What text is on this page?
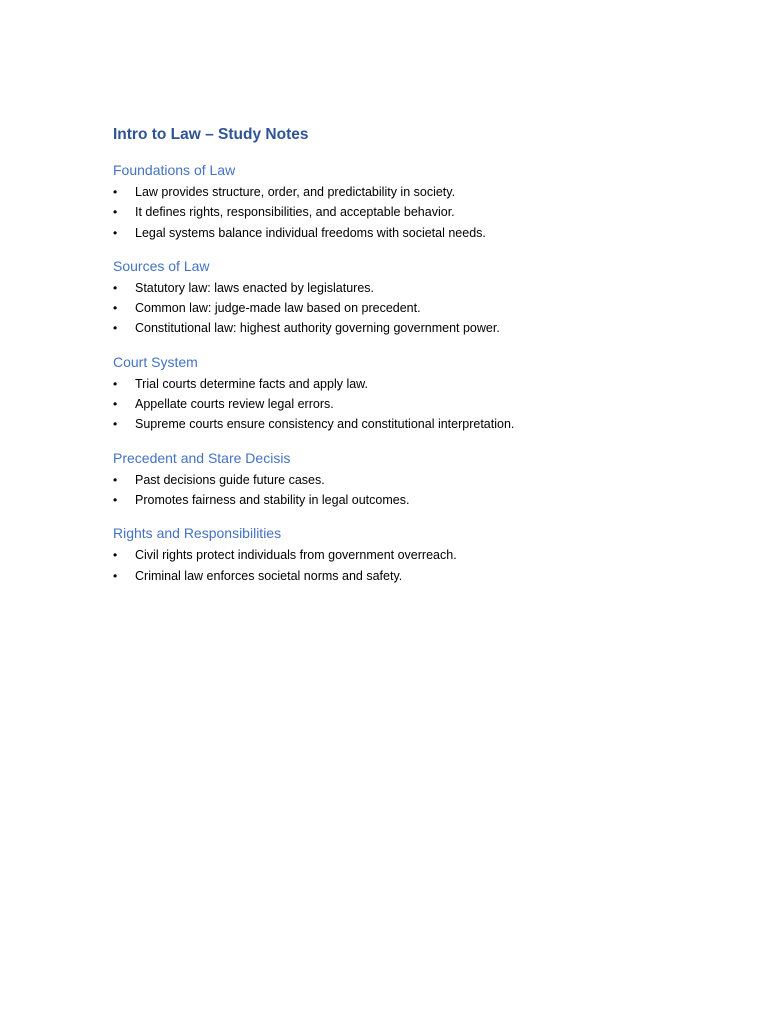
Intro to Law – Study Notes
Foundations of Law
•	Law provides structure, order, and predictability in society.
•	It defines rights, responsibilities, and acceptable behavior.
•	Legal systems balance individual freedoms with societal needs.
Sources of Law
•	Statutory law: laws enacted by legislatures.
•	Common law: judge-made law based on precedent.
•	Constitutional law: highest authority governing government power.
Court System
•	Trial courts determine facts and apply law.
•	Appellate courts review legal errors.
•	Supreme courts ensure consistency and constitutional interpretation.
Precedent and Stare Decisis
•	Past decisions guide future cases.
•	Promotes fairness and stability in legal outcomes.
Rights and Responsibilities
•	Civil rights protect individuals from government overreach.
•	Criminal law enforces societal norms and safety.
